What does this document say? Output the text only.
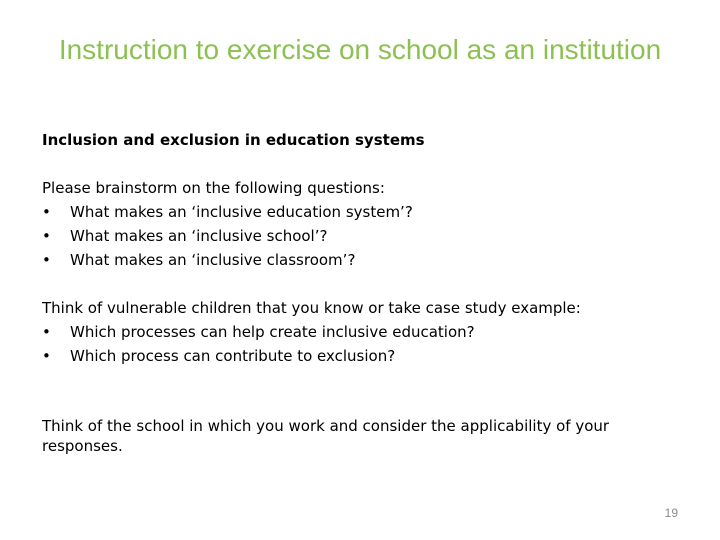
Instruction to exercise on school as an institution
Inclusion and exclusion in education systems
Please brainstorm on the following questions:
• What makes an ‘inclusive education system’?
• What makes an ‘inclusive school’?
• What makes an ‘inclusive classroom’?
Think of vulnerable children that you know or take case study example:
• Which processes can help create inclusive education?
• Which process can contribute to exclusion?
Think of the school in which you work and consider the applicability of your responses.
19
